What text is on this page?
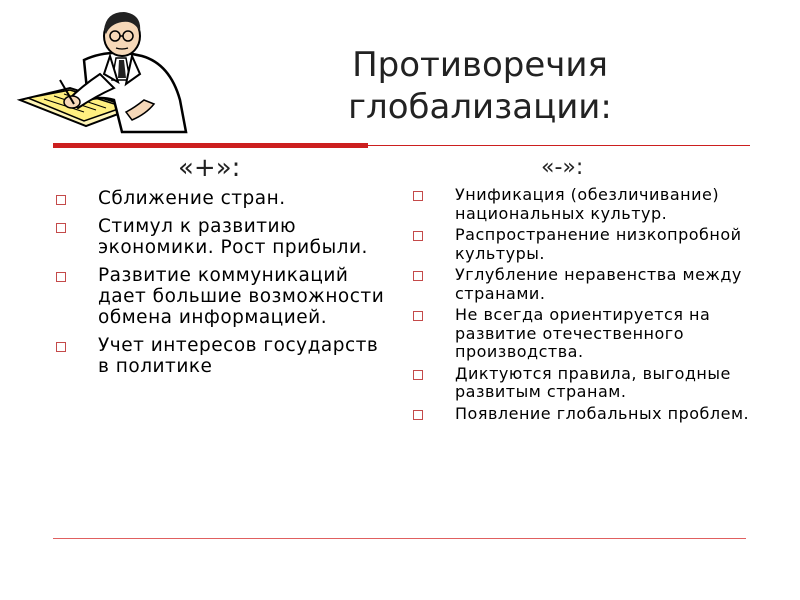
Противоречия
глобализации:
«+»:
Сближение стран.
Стимул к развитию экономики. Рост прибыли.
Развитие коммуникаций дает большие возможности обмена информацией.
Учет интересов государств в политике
«-»:
Унификация (обезличивание) национальных культур.
Распространение низкопробной культуры.
Углубление неравенства между странами.
Не всегда ориентируется на развитие отечественного производства.
Диктуются правила, выгодные развитым странам.
Появление глобальных проблем.
